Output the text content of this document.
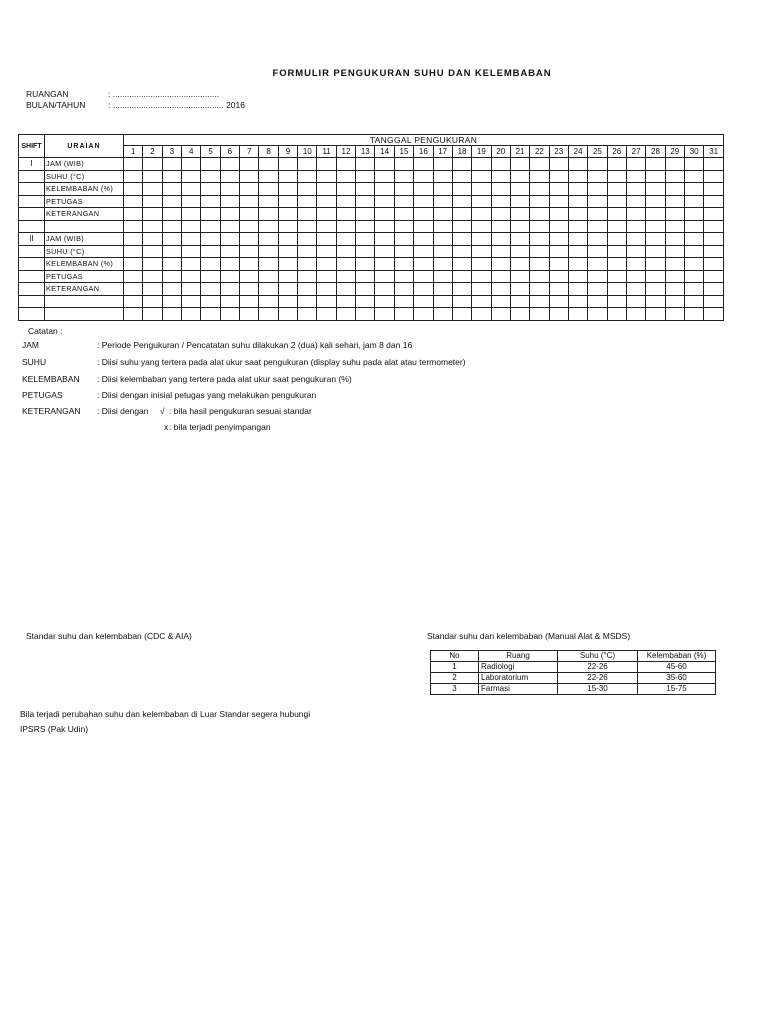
FORMULIR PENGUKURAN SUHU DAN KELEMBABAN
RUANGAN	: .............................................
BULAN/TAHUN	: ............................................... 2016
SHIFT	URAIAN	TANGGAL PENGUKURAN																														
		1	2	3	4	5	6	7	8	9	10	11	12	13	14	15	16	17	18	19	20	21	22	23	24	25	26	27	28	29	30	31
I	JAM (WIB)																															
	SUHU (°C)																															
	KELEMBABAN (%)																															
	PETUGAS																															
	KETERANGAN																															

II	JAM (WIB)																															
	SUHU (°C)																															
	KELEMBABAN (%)																															
	PETUGAS																															
	KETERANGAN																															

Catatan :
JAM	: Periode Pengukuran / Pencatatan suhu dilakukan 2 (dua) kali sehari, jam 8 dan 16
SUHU	: Diisi suhu yang tertera pada alat ukur saat pengukuran (display suhu pada alat atau termometer)
KELEMBABAN : Diisi kelembaban yang tertera pada alat ukur saat pengukuran (%)
PETUGAS	: Diisi dengan inisial petugas yang melakukan pengukuran
KETERANGAN : Diisi dengan √ : bila hasil pengukuran sesuai standar
x : bila terjadi penyimpangan
Standar suhu dan kelembaban (CDC & AIA)	Standar suhu dan kelembaban (Manual Alat & MSDS)
No	Ruang	Suhu (°C)	Kelembaban (%)
1	Radiologi	22-26	45-60
2	Laboratorium	22-26	35-60
3	Farmasi	15-30	15-75
Bila terjadi perubahan suhu dan kelembaban di Luar Standar segera hubungi
IPSRS (Pak Udin)
